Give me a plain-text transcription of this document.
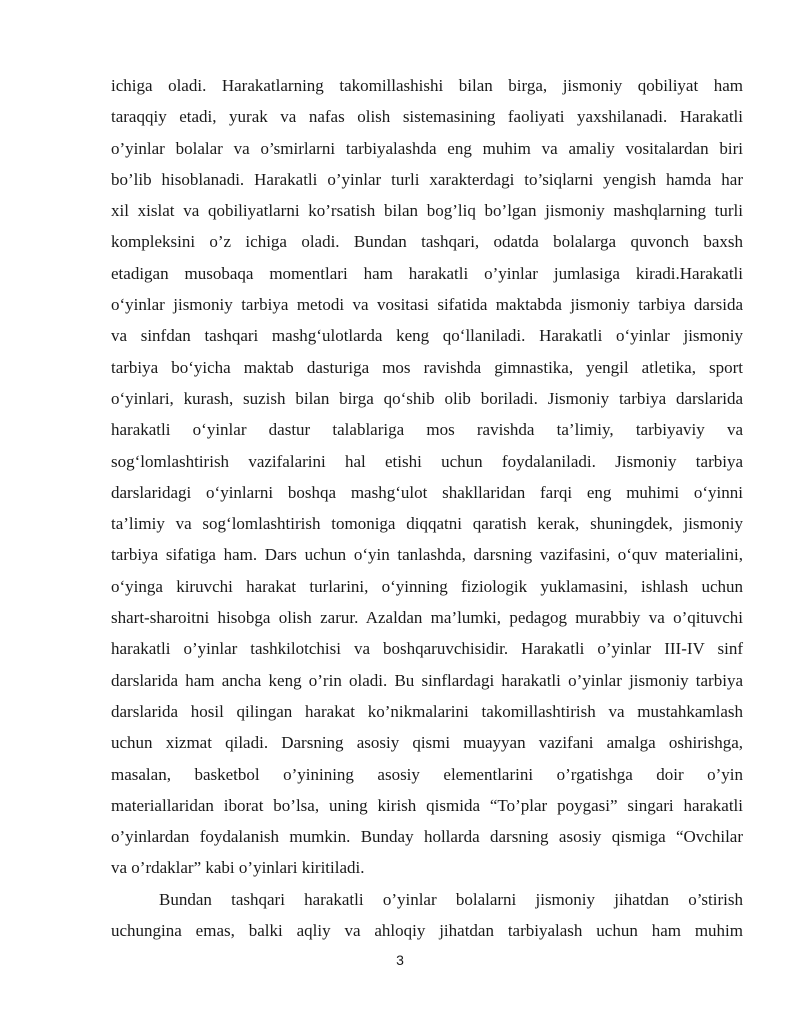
ichiga oladi. Harakatlarning takomillashishi bilan birga, jismoniy qobiliyat ham
taraqqiy etadi, yurak va nafas olish sistemasining faoliyati yaxshilanadi. Harakatli
o’yinlar bolalar va o’smirlarni tarbiyalashda eng muhim va amaliy vositalardan biri
bo’lib hisoblanadi. Harakatli o’yinlar turli xarakterdagi to’siqlarni yengish hamda har
xil xislat va qobiliyatlarni ko’rsatish bilan bog’liq bo’lgan jismoniy mashqlarning turli
kompleksini o’z ichiga oladi. Bundan tashqari, odatda bolalarga quvonch baxsh
etadigan musobaqa momentlari ham harakatli o’yinlar jumlasiga kiradi.Harakatli
o‘yinlar jismoniy tarbiya metodi va vositasi sifatida maktabda jismoniy tarbiya darsida
va sinfdan tashqari mashg‘ulotlarda keng qo‘llaniladi. Harakatli o‘yinlar jismoniy
tarbiya bo‘yicha maktab dasturiga mos ravishda gimnastika, yengil atletika, sport
o‘yinlari, kurash, suzish bilan birga qo‘shib olib boriladi. Jismoniy tarbiya darslarida
harakatli o‘yinlar dastur talablariga mos ravishda ta’limiy, tarbiyaviy va
sog‘lomlashtirish vazifalarini hal etishi uchun foydalaniladi. Jismoniy tarbiya
darslaridagi o‘yinlarni boshqa mashg‘ulot shakllaridan farqi eng muhimi o‘yinni
ta’limiy va sog‘lomlashtirish tomoniga diqqatni qaratish kerak, shuningdek, jismoniy
tarbiya sifatiga ham. Dars uchun o‘yin tanlashda, darsning vazifasini, o‘quv materialini,
o‘yinga kiruvchi harakat turlarini, o‘yinning fiziologik yuklamasini, ishlash uchun
shart-sharoitni hisobga olish zarur. Azaldan ma’lumki, pedagog murabbiy va o’qituvchi
harakatli o’yinlar tashkilotchisi va boshqaruvchisidir. Harakatli o’yinlar III-IV sinf
darslarida ham ancha keng o’rin oladi. Bu sinflardagi harakatli o’yinlar jismoniy tarbiya
darslarida hosil qilingan harakat ko’nikmalarini takomillashtirish va mustahkamlash
uchun xizmat qiladi. Darsning asosiy qismi muayyan vazifani amalga oshirishga,
masalan, basketbol o’yinining asosiy elementlarini o’rgatishga doir o’yin
materiallaridan iborat bo’lsa, uning kirish qismida “To’plar poygasi” singari harakatli
o’yinlardan foydalanish mumkin. Bunday hollarda darsning asosiy qismiga “Ovchilar
va o’rdaklar” kabi o’yinlari kiritiladi.
Bundan tashqari harakatli o’yinlar bolalarni jismoniy jihatdan o’stirish
uchungina emas, balki aqliy va ahloqiy jihatdan tarbiyalash uchun ham muhim
3
